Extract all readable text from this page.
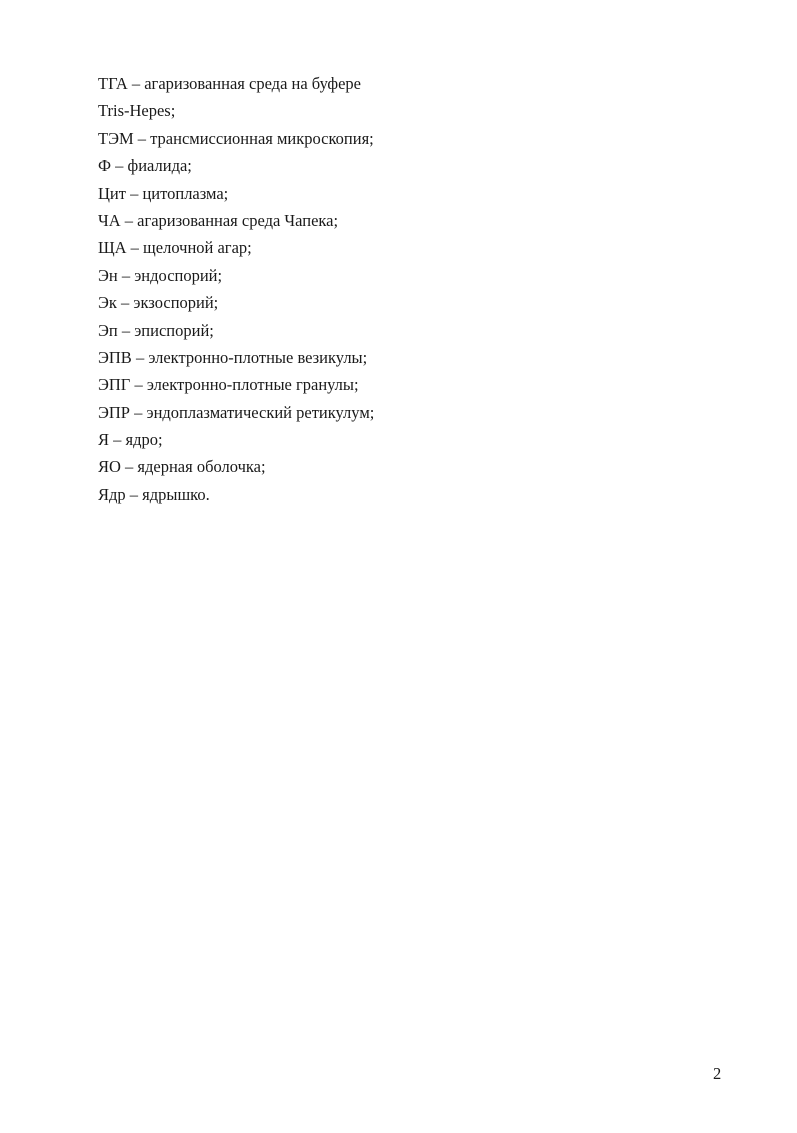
ТГА – агаризованная среда на буфере
Tris-Hepes;
ТЭМ – трансмиссионная микроскопия;
Ф – фиалида;
Цит – цитоплазма;
ЧА – агаризованная среда Чапека;
ЩА – щелочной агар;
Эн – эндоспорий;
Эк – экзоспорий;
Эп – эписпорий;
ЭПВ – электронно-плотные везикулы;
ЭПГ – электронно-плотные гранулы;
ЭПР – эндоплазматический ретикулум;
Я – ядро;
ЯО – ядерная оболочка;
Ядр – ядрышко.
2
